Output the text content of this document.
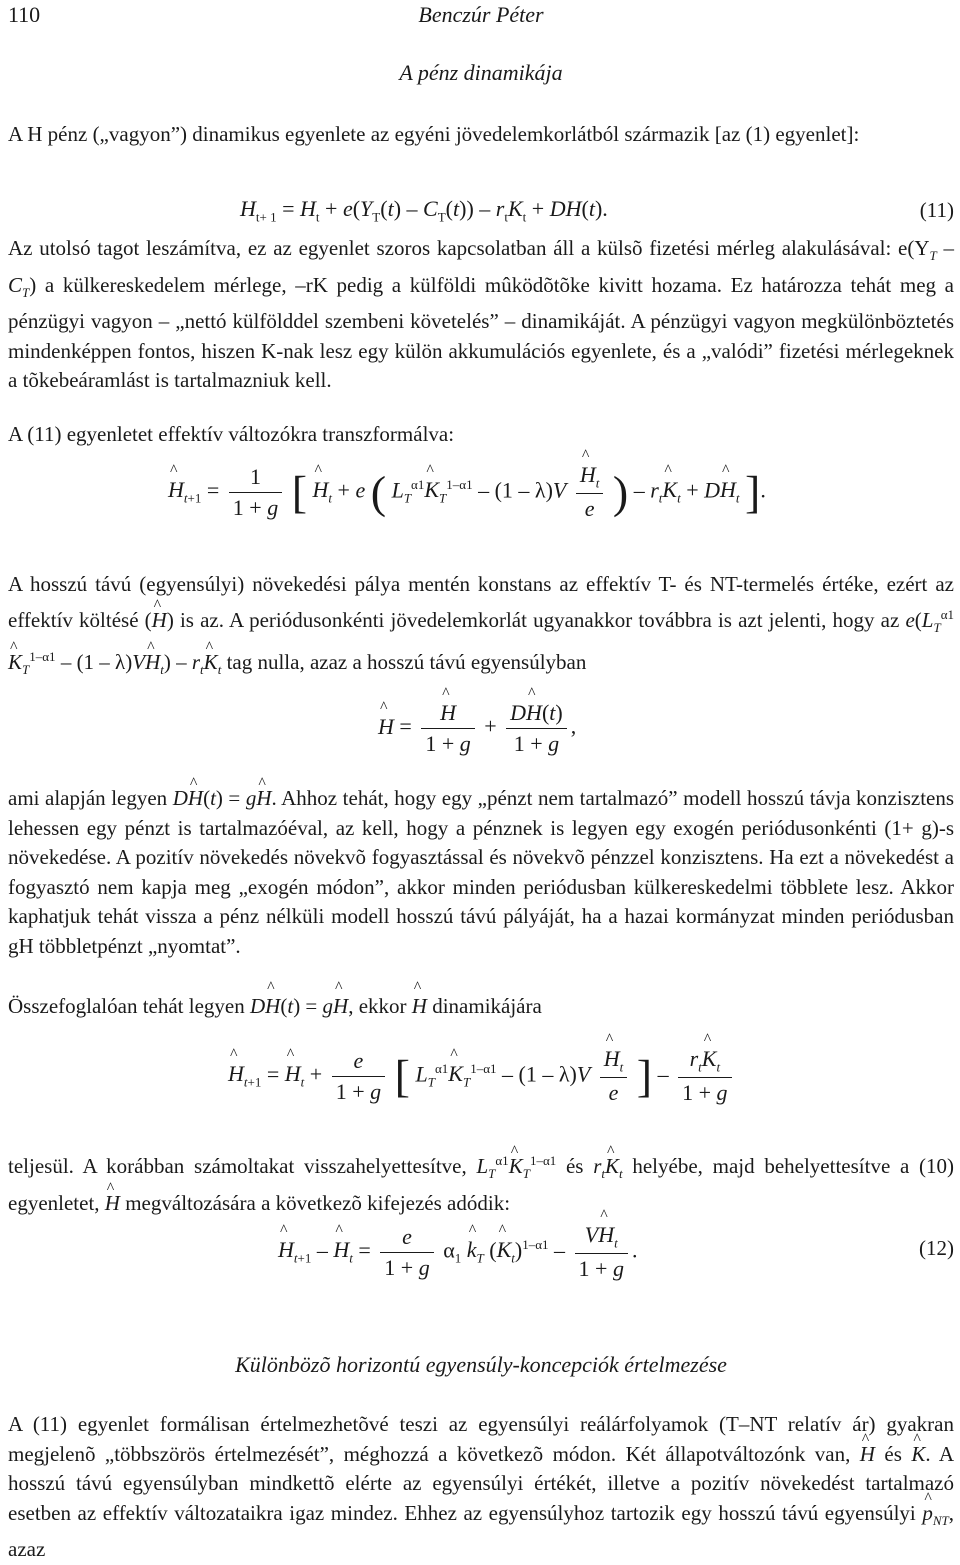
110	Benczúr Péter
A pénz dinamikája

A H pénz („vagyon”) dinamikus egyenlete az egyéni jövedelemkorlátból származik [az (1) egyenlet]:

$H_{t+ 1} = H_t + e(Y_T(t) - C_T(t)) - r_tK_t + DH(t)$.	(11)

Az utolsó tagot leszámítva, ez az egyenlet szoros kapcsolatban áll a külsõ fizetési mérleg alakulásával: $e(Y_T - C_T)$ a külkereskedelem mérlege, –rK pedig a külföldi mûködõtõke kivitt hozama. Ez határozza tehát meg a pénzügyi vagyon – „nettó külfölddel szembeni követelés” – dinamikáját. A pénzügyi vagyon megkülönböztetés mindenképpen fontos, hiszen K-nak lesz egy külön akkumulációs egyenlete, és a „valódi” fizetési mérlegeknek a tõkebeáramlást is tartalmazniuk kell.

A (11) egyenletet effektív változókra transzformálva:

^ $H_{t+1} = \frac{1}{1 + g}$ [ ^ $H_t + e$ ( $L_T^{\alpha 1}\^{}$ $K_T^{1-\alpha 1} - (1 - \lambda)V$ ^ $\frac{H_t}{e}$ ) – $r_t\^{}$ $K_t$ + D^ $H_t$ ].
A hosszú távú (egyensúlyi) növekedési pálya mentén konstans az effektív T- és NT-termelés értéke, ezért az effektív költésé (^ H) is az. A periódusonkénti jövedelemkorlát ugyanakkor továbbra is azt jelenti, hogy az $e(L_T^{\alpha 1}\^{}$ $K_T^{1-\alpha 1} - (1$ – λ)V^ $H_t$) – $r_t\^{}$ $K_t$ tag nulla, azaz a hosszú távú egyensúlyban
^ H = ^ $\frac{H}{1 + g} + \frac{D\^{} H(t)}{1 + g}$ ,
ami alapján legyen D^ H(t) = g^ H. Ahhoz tehát, hogy egy „pénzt nem tartalmazó” modell hosszú távja konzisztens lehessen egy pénzt is tartalmazóéval, az kell, hogy a pénznek is legyen egy exogén periódusonkénti (1+ g)-s növekedése. A pozitív növekedés növekvõ fogyasztással és növekvõ pénzzel konzisztens. Ha ezt a növekedést a fogyasztó nem kapja meg „exogén módon”, akkor minden periódusban külkereskedelmi többlete lesz. Akkor kaphatjuk tehát vissza a pénz nélküli modell hosszú távú pályáját, ha a hazai kormányzat minden periódusban gH többletpénzt „nyomtat”.
Összefoglalóan tehát legyen D^ H(t) = g^ H, ekkor ^ H dinamikájára
^ $H_{t+1}$ = ^ $H_t + \frac{e}{1 + g}$ [ $L_T^{\alpha 1}\^{}$ $K_T^{1-\alpha 1} - (1 - \lambda)V$ ^ $\frac{H_t}{e}$ ] – $\frac{r_t\^{} K_t}{1 + g}$
teljesül. A korábban számoltakat visszahelyettesítve, $L_T^{\alpha 1}\^{}$ $K_T^{1-\alpha 1}$ és $r_t\^{}$ $K_t$ helyébe, majd behelyettesítve a (10) egyenletet, ^ H megváltozására a következõ kifejezés adódik:
^ $H_{t+1}$ – ^ $H_t = \frac{e}{1 + g} \alpha_1$ ^ $k_T$ (^ $K_t)^{1-\alpha 1} - \frac{V\^{} H_t}{1 + g}$ .	(12)
Különbözõ horizontú egyensúly-koncepciók értelmezése
A (11) egyenlet formálisan értelmezhetõvé teszi az egyensúlyi reálárfolyamok (T–NT relatív ár) gyakran megjelenõ „többszörös értelmezését”, méghozzá a következõ módon. Két állapotváltozónk van, ^ H és ^ K. A hosszú távú egyensúlyban mindkettõ elérte az egyensúlyi értékét, illetve a pozitív növekedést tartalmazó esetben az effektív változataikra igaz mindez. Ehhez az egyensúlyhoz tartozik egy hosszú távú egyensúlyi ^ $p_{NT}$, azaz
